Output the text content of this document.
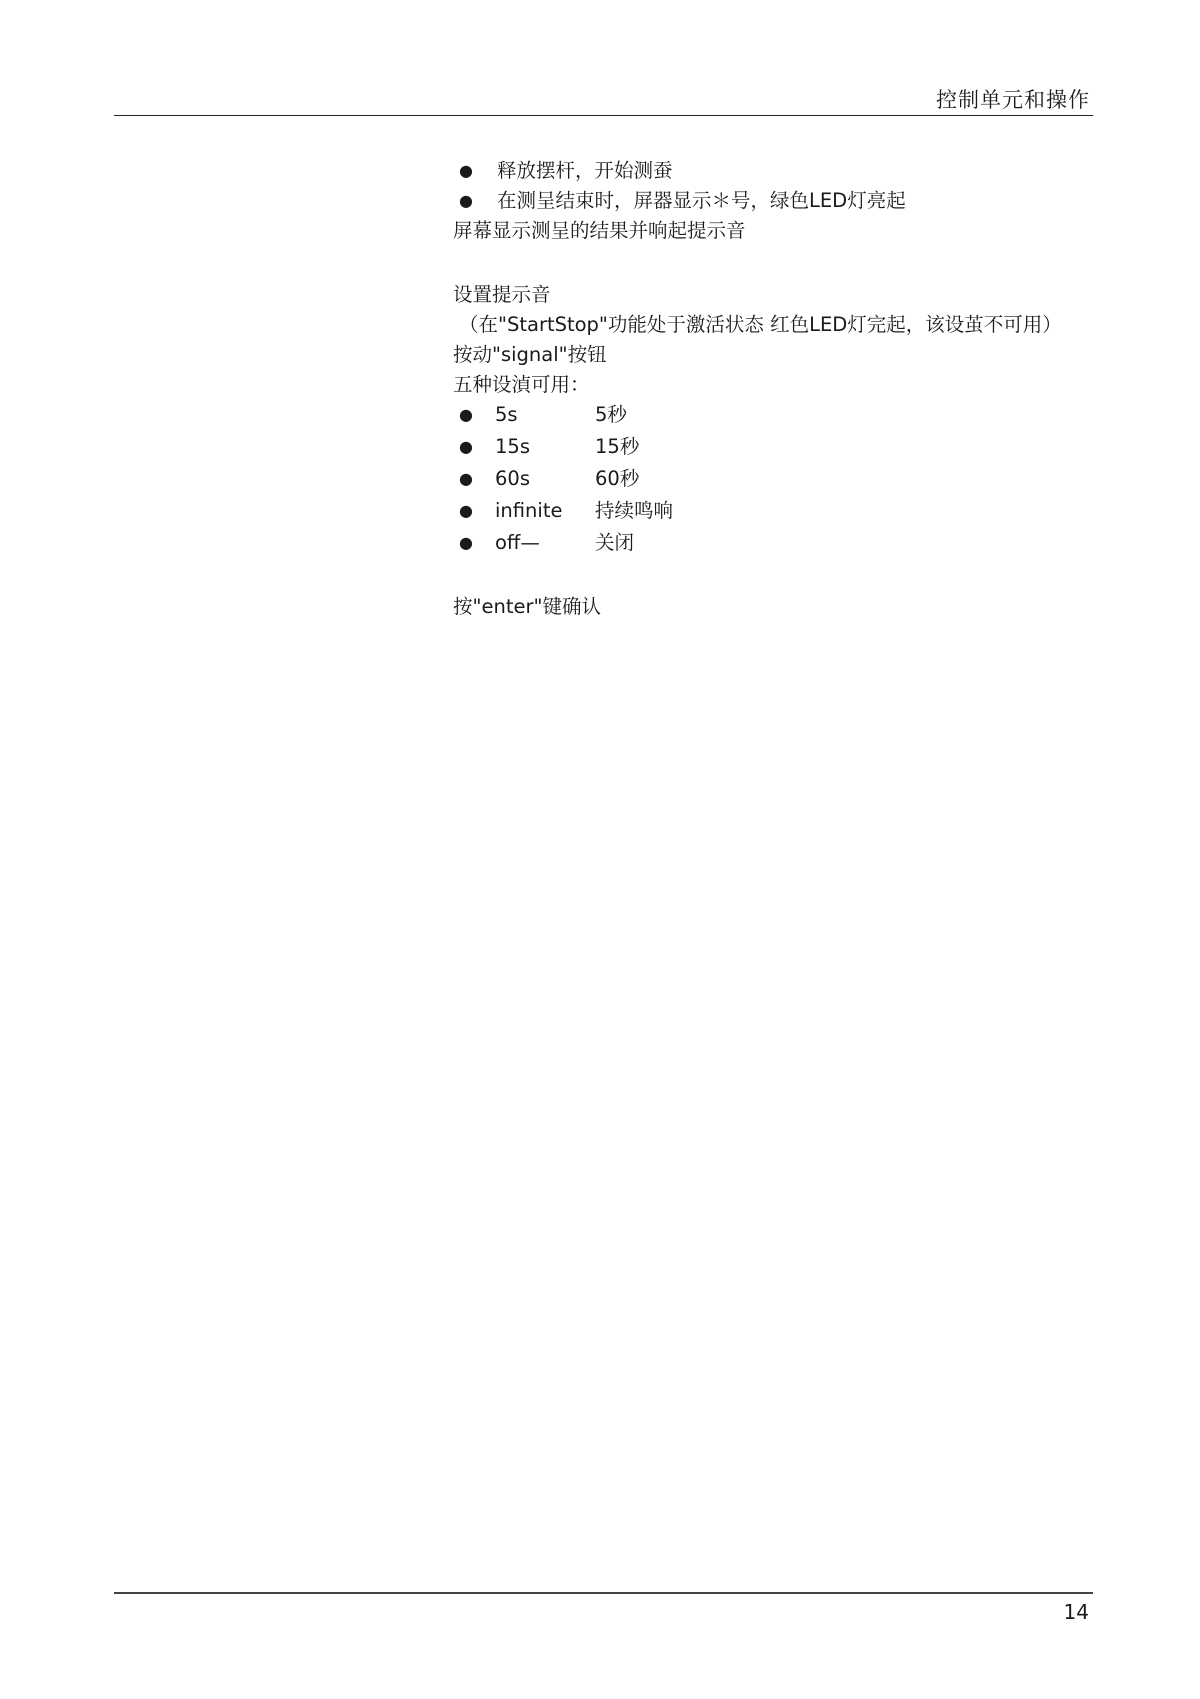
控制单元和操作
● 释放摆杆，开始测蚕
● 在测呈结束时，屏器显示＊号，绿色LED灯亮起
屏幕显示测呈的结果并响起提示音
设置提示音
（在"StartStop"功能处于激活状态 红色LED灯完起，该设茧不可用）
按动"signal"按钮
五种设湞可用：
● 5s	5秒
● 15s	15秒
● 60s	60秒
● infinite 持续鸣响
● off—	关闭
按"enter"键确认
14
